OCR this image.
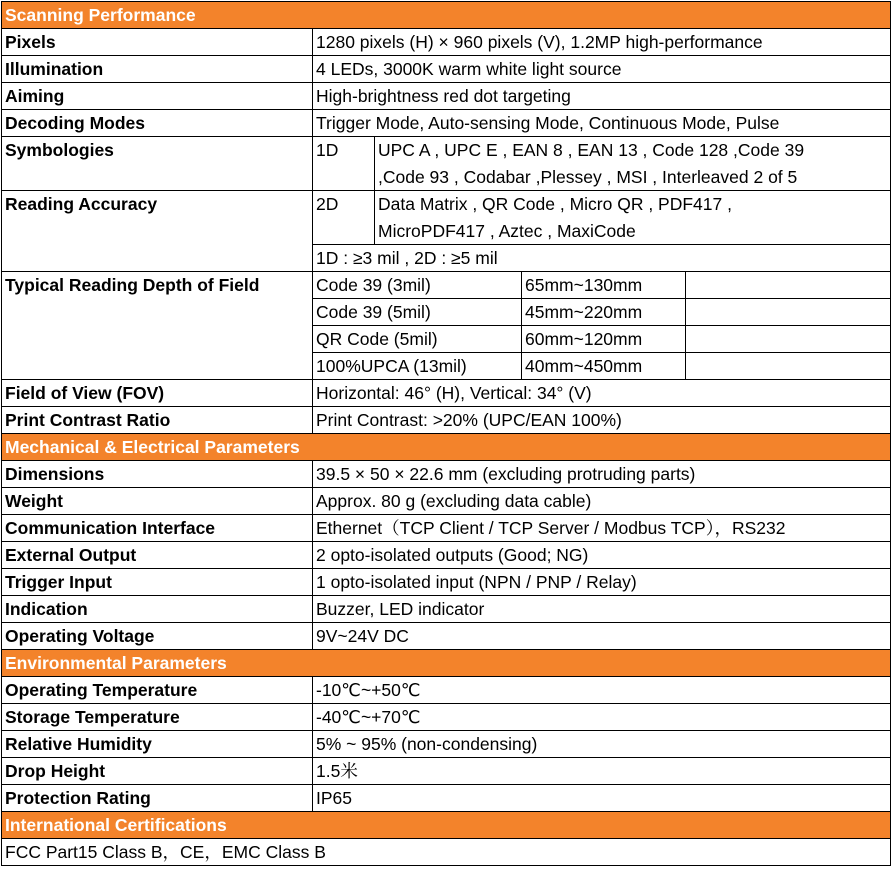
Scanning Performance				
Pixels	1280 pixels (H) × 960 pixels (V), 1.2MP high-performance			
Illumination	4 LEDs, 3000K warm white light source			
Aiming	High-brightness red dot targeting			
Decoding Modes	Trigger Mode, Auto-sensing Mode, Continuous Mode, Pulse			
Symbologies	1D	UPC A , UPC E , EAN 8 , EAN 13 , Code 128 ,Code 39
,Code 93 , Codabar ,Plessey , MSI , Interleaved 2 of 5		

Reading Accuracy	2D	Data Matrix , QR Code , Micro QR , PDF417 ,
MicroPDF417 , Aztec , MaxiCode		

	1D : ≥3 mil , 2D : ≥5 mil			
Typical Reading Depth of Field	Code 39 (3mil)		65mm~130mm	
	Code 39 (5mil)		45mm~220mm	
	QR Code (5mil)		60mm~120mm	
	100%UPCA (13mil)		40mm~450mm	
Field of View (FOV)	Horizontal: 46° (H), Vertical: 34° (V)			
Print Contrast Ratio	Print Contrast: >20% (UPC/EAN 100%)			
Mechanical & Electrical Parameters				
Dimensions	39.5 × 50 × 22.6 mm (excluding protruding parts)			
Weight	Approx. 80 g (excluding data cable)			
Communication Interface	Ethernet（TCP Client / TCP Server / Modbus TCP），RS232			
External Output	2 opto-isolated outputs (Good; NG)			
Trigger Input	1 opto-isolated input (NPN / PNP / Relay)			
Indication	Buzzer, LED indicator			
Operating Voltage	9V~24V DC			
Environmental Parameters				
Operating Temperature	-10℃~+50℃			
Storage Temperature	-40℃~+70℃			
Relative Humidity	5% ~ 95% (non-condensing)			
Drop Height	1.5米			
Protection Rating	IP65			
International Certifications				
FCC Part15 Class B，CE，EMC Class B				
